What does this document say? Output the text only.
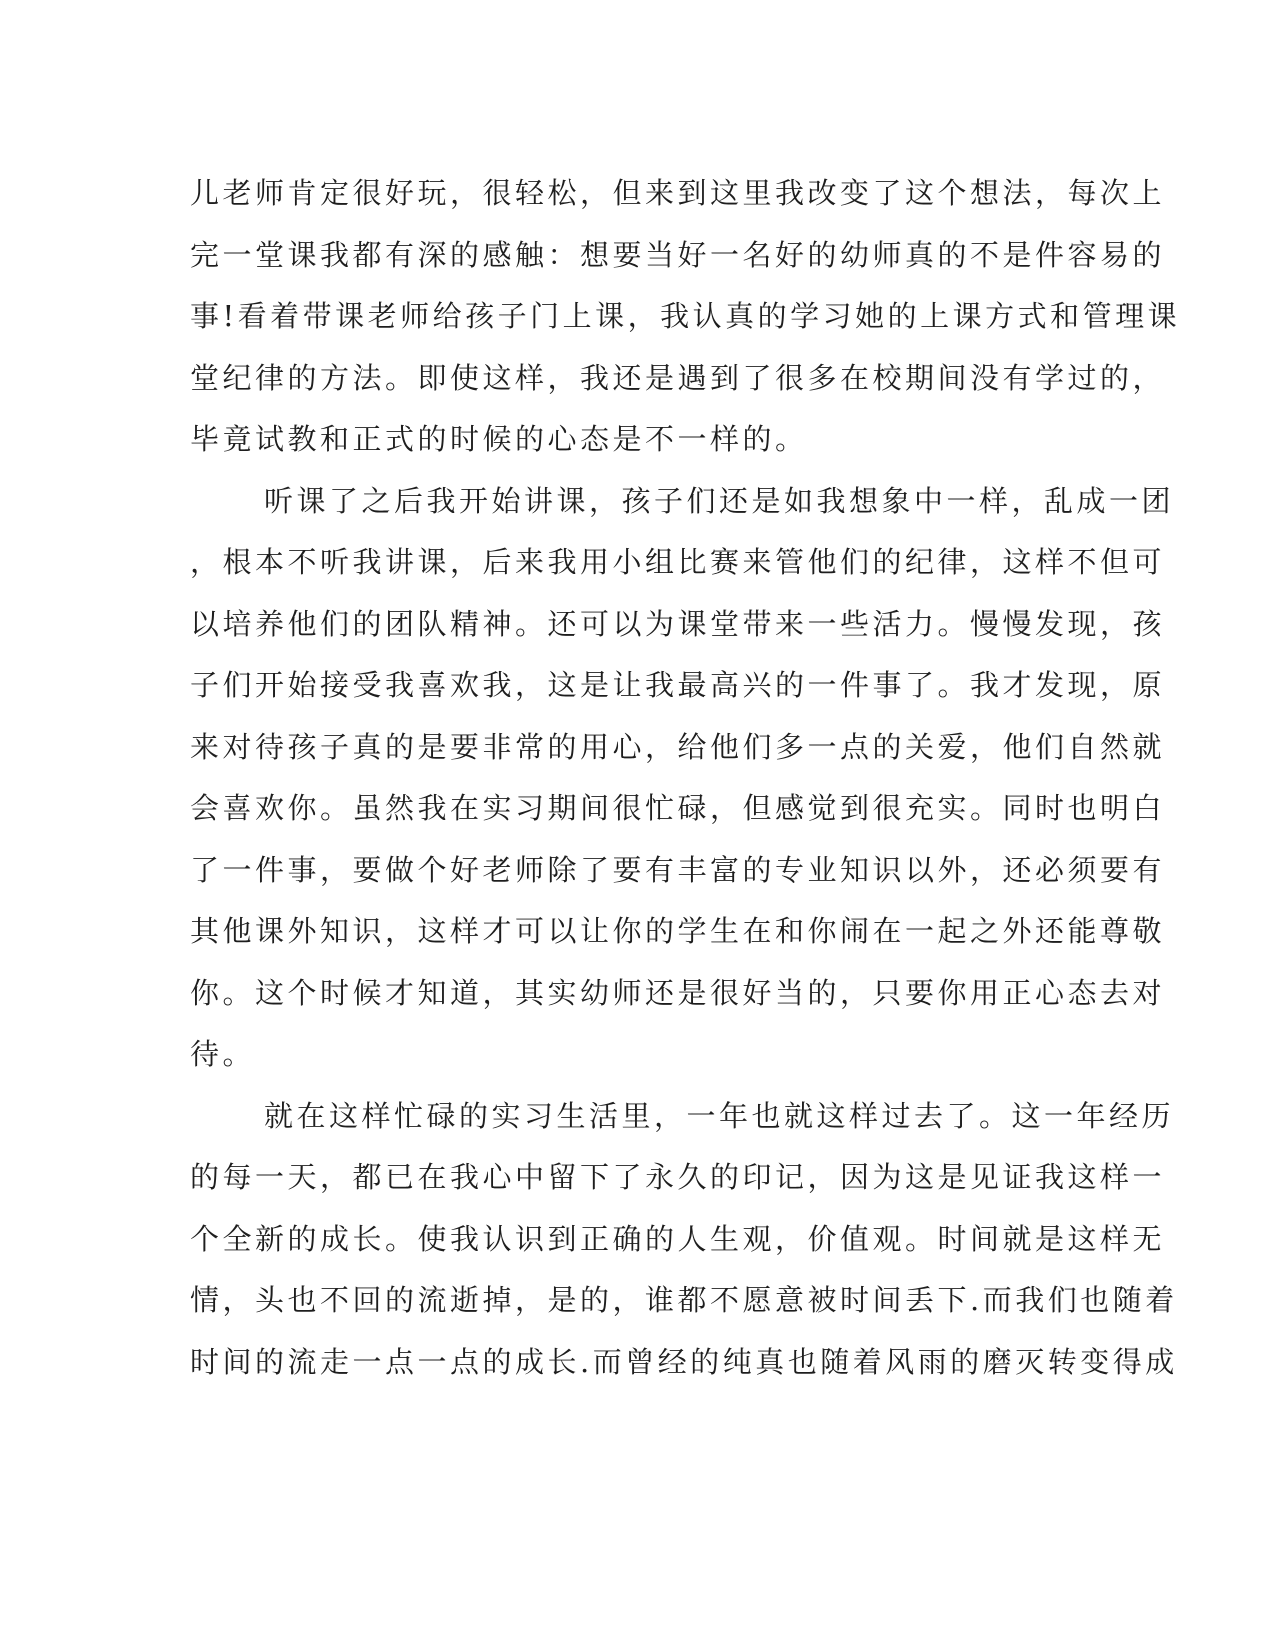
儿老师肯定很好玩，很轻松，但来到这里我改变了这个想法，每次上
完一堂课我都有深的感触：想要当好一名好的幼师真的不是件容易的
事!看着带课老师给孩子门上课，我认真的学习她的上课方式和管理课
堂纪律的方法。即使这样，我还是遇到了很多在校期间没有学过的，
毕竟试教和正式的时候的心态是不一样的。
听课了之后我开始讲课，孩子们还是如我想象中一样，乱成一团
，根本不听我讲课，后来我用小组比赛来管他们的纪律，这样不但可
以培养他们的团队精神。还可以为课堂带来一些活力。慢慢发现，孩
子们开始接受我喜欢我，这是让我最高兴的一件事了。我才发现，原
来对待孩子真的是要非常的用心，给他们多一点的关爱，他们自然就
会喜欢你。虽然我在实习期间很忙碌，但感觉到很充实。同时也明白
了一件事，要做个好老师除了要有丰富的专业知识以外，还必须要有
其他课外知识，这样才可以让你的学生在和你闹在一起之外还能尊敬
你。这个时候才知道，其实幼师还是很好当的，只要你用正心态去对
待。
就在这样忙碌的实习生活里，一年也就这样过去了。这一年经历
的每一天，都已在我心中留下了永久的印记，因为这是见证我这样一
个全新的成长。使我认识到正确的人生观，价值观。时间就是这样无
情，头也不回的流逝掉，是的，谁都不愿意被时间丢下.而我们也随着
时间的流走一点一点的成长.而曾经的纯真也随着风雨的磨灭转变得成
